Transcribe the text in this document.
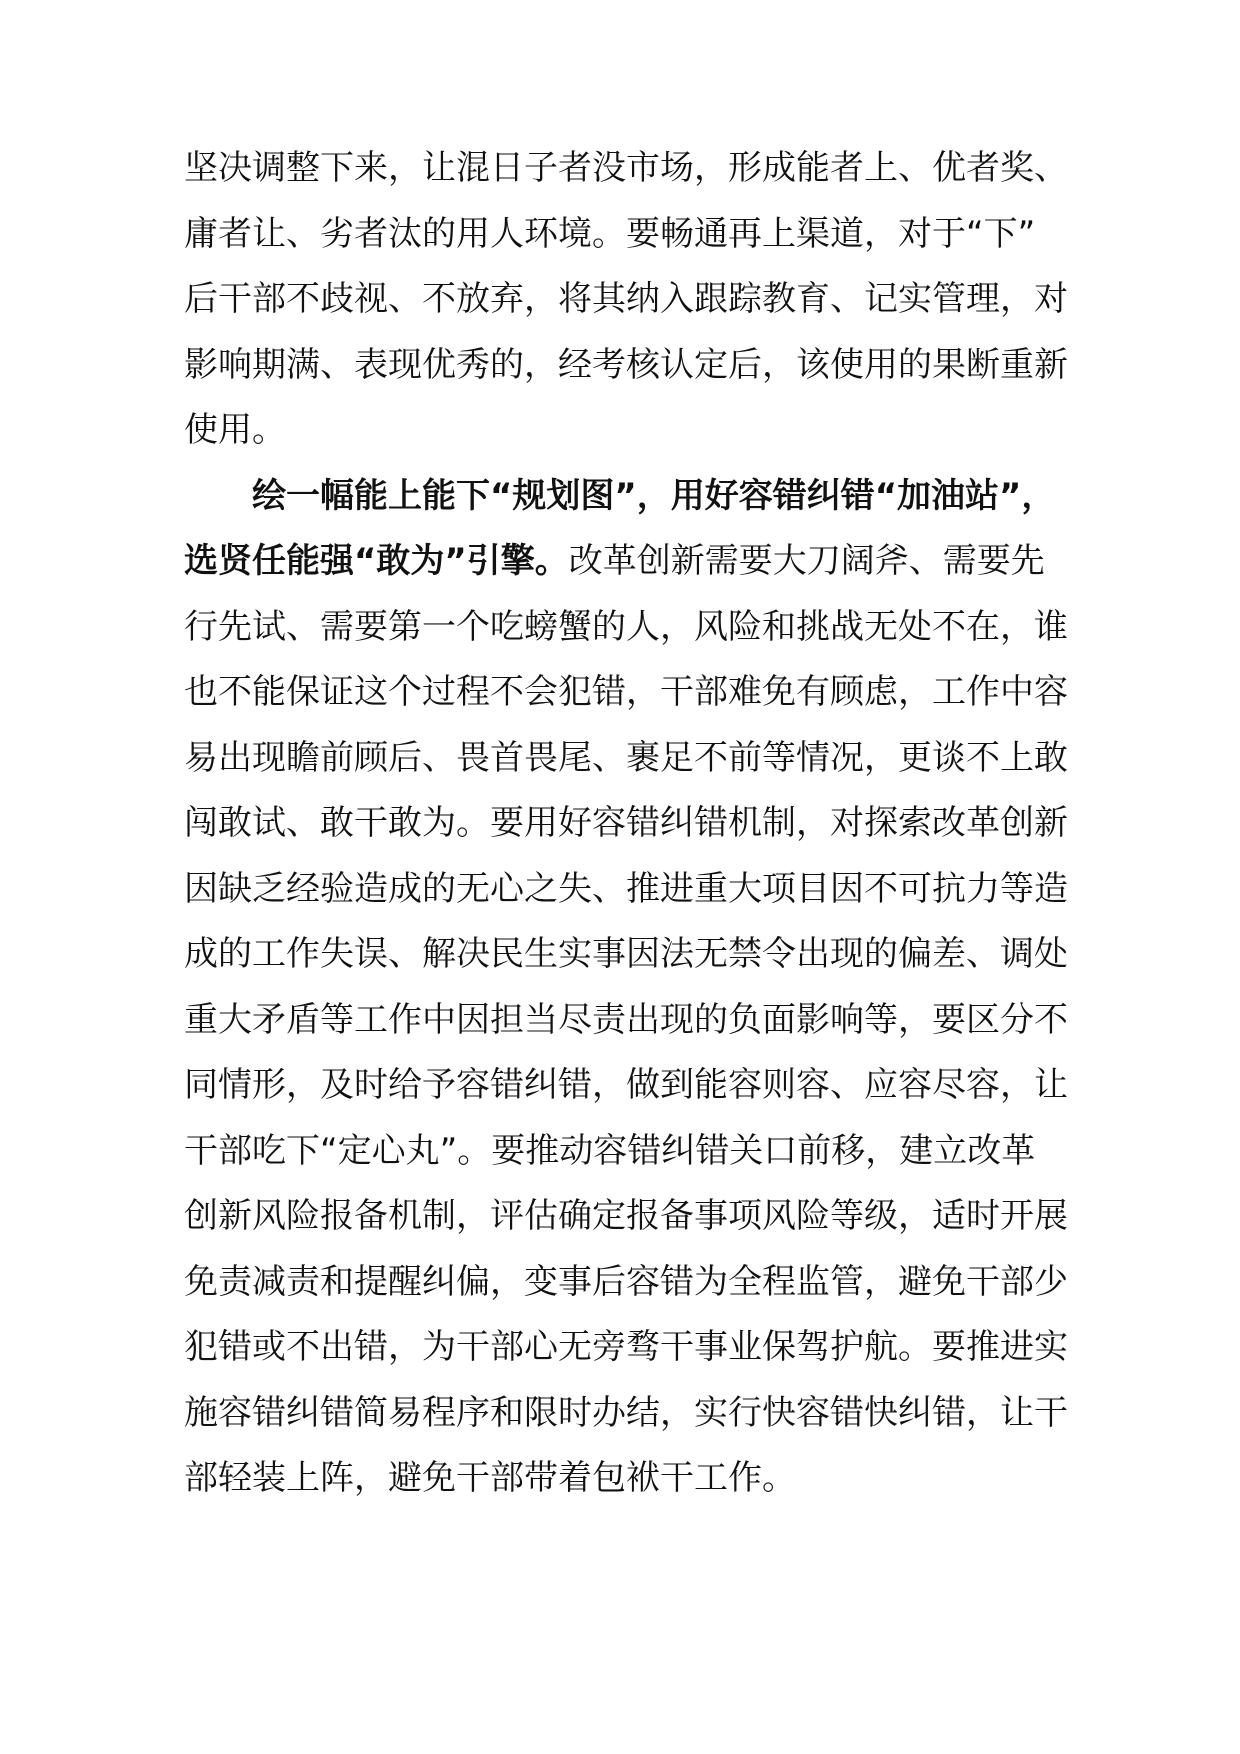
坚决调整下来，让混日子者没市场，形成能者上、优者奖、
庸者让、劣者汰的用人环境。要畅通再上渠道，对于“下”
后干部不歧视、不放弃，将其纳入跟踪教育、记实管理，对
影响期满、表现优秀的，经考核认定后，该使用的果断重新
使用。
绘一幅能上能下“规划图”，用好容错纠错“加油站”，
选贤任能强“敢为”引擎。改革创新需要大刀阔斧、需要先
行先试、需要第一个吃螃蟹的人，风险和挑战无处不在，谁
也不能保证这个过程不会犯错，干部难免有顾虑，工作中容
易出现瞻前顾后、畏首畏尾、裹足不前等情况，更谈不上敢
闯敢试、敢干敢为。要用好容错纠错机制，对探索改革创新
因缺乏经验造成的无心之失、推进重大项目因不可抗力等造
成的工作失误、解决民生实事因法无禁令出现的偏差、调处
重大矛盾等工作中因担当尽责出现的负面影响等，要区分不
同情形，及时给予容错纠错，做到能容则容、应容尽容，让
干部吃下“定心丸”。要推动容错纠错关口前移，建立改革
创新风险报备机制，评估确定报备事项风险等级，适时开展
免责减责和提醒纠偏，变事后容错为全程监管，避免干部少
犯错或不出错，为干部心无旁骛干事业保驾护航。要推进实
施容错纠错简易程序和限时办结，实行快容错快纠错，让干
部轻装上阵，避免干部带着包袱干工作。
